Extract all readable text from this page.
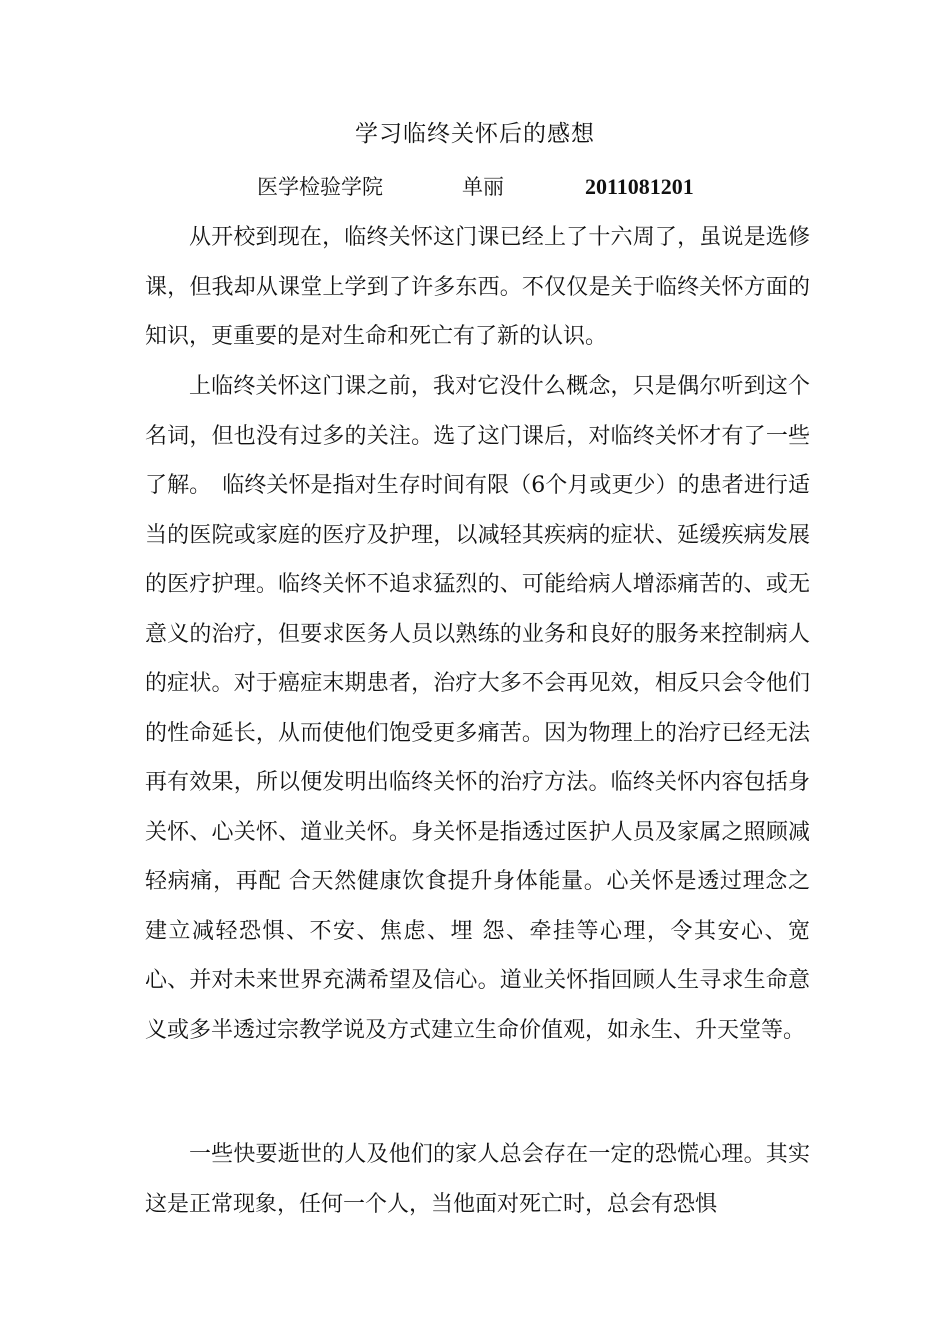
学习临终关怀后的感想
医学检验学院	单丽	2011081201

从开校到现在，临终关怀这门课已经上了十六周了，虽说是选修课，但我却从课堂上学到了许多东西。不仅仅是关于临终关怀方面的知识，更重要的是对生命和死亡有了新的认识。

上临终关怀这门课之前，我对它没什么概念，只是偶尔听到这个名词，但也没有过多的关注。选了这门课后，对临终关怀才有了一些了解。　临终关怀是指对生存时间有限（6个月或更少）的患者进行适当的医院或家庭的医疗及护理，以减轻其疾病的症状、延缓疾病发展的医疗护理。临终关怀不追求猛烈的、可能给病人增添痛苦的、或无意义的治疗，但要求医务人员以熟练的业务和良好的服务来控制病人的症状。对于癌症末期患者，治疗大多不会再见效，相反只会令他们的性命延长，从而使他们饱受更多痛苦。因为物理上的治疗已经无法再有效果，所以便发明出临终关怀的治疗方法。临终关怀内容包括身关怀、心关怀、道业关怀。身关怀是指透过医护人员及家属之照顾减轻病痛，再配 合天然健康饮食提升身体能量。心关怀是透过理念之建立减轻恐惧、不安、焦虑、埋 怨、牵挂等心理，令其安心、宽心、并对未来世界充满希望及信心。道业关怀指回顾人生寻求生命意义或多半透过宗教学说及方式建立生命价值观，如永生、升天堂等。

一些快要逝世的人及他们的家人总会存在一定的恐慌心理。其实这是正常现象，任何一个人，当他面对死亡时，总会有恐惧
